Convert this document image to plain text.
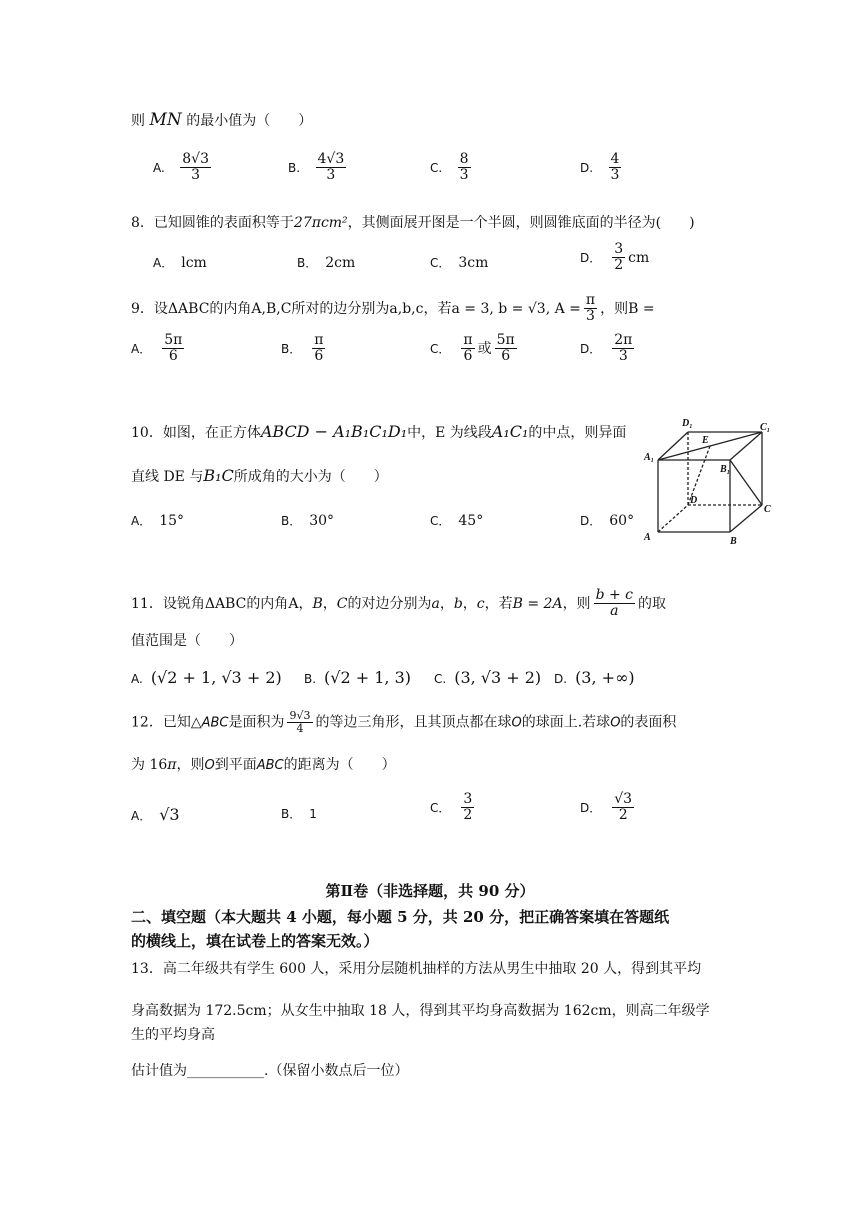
则 MN 的最小值为（　　）
A. $\frac{8√3}{3}$	B. $\frac{4√3}{3}$	C. $\frac{8}{3}$	D. $\frac{4}{3}$
8．已知圆锥的表面积等于27πcm²，其侧面展开图是一个半圆，则圆锥底面的半径为(　　)
A． lcm	B． 2cm	C． 3cm	D． $\frac{3}{2}$ cm
9．设ΔABC的内角A,B,C所对的边分别为a,b,c，若a = 3, b = √3, $A = \frac{\pi}{3}$ ，则B =
A． $\frac{5\pi}{6}$	B． $\frac{\pi}{6}$	C． $\frac{\pi}{6}$ 或 $\frac{5\pi}{6}$	D． $\frac{2\pi}{3}$
10．如图，在正方体ABCD − A₁B₁C₁D₁中，E 为线段A₁C₁的中点，则异面
直线 DE 与B₁C所成角的大小为（　　）
A． 15°	B． 30°	C． 45°	D． 60°
D₁	C₁
A₁
B₁
E
D
C
A	B
11．设锐角ΔABC的内角A，B，C的对边分别为a，b，c，若B = 2A，则 $\frac{b + c}{a}$ 的取
值范围是（　　）
A. (√2 + 1, √3 + 2) B. (√2 + 1, 3) C. (3, √3 + 2) D. (3, +∞)
12．已知△ABC是面积为 $\frac{9√3}{4}$ 的等边三角形，且其顶点都在球O的球面上.若球O的表面积
为 16π，则O到平面ABC的距离为（　　）
A． √3	B． 1	C． $\frac{3}{2}$	D． $\frac{√3}{2}$
第Ⅱ卷（非选择题，共 90 分）
二、填空题（本大题共 4 小题，每小题 5 分，共 20 分，把正确答案填在答题纸
的横线上，填在试卷上的答案无效。）
13．高二年级共有学生 600 人，采用分层随机抽样的方法从男生中抽取 20 人，得到其平均
身高数据为 172.5cm；从女生中抽取 18 人，得到其平均身高数据为 162cm，则高二年级学
生的平均身高
估计值为___________.（保留小数点后一位）
